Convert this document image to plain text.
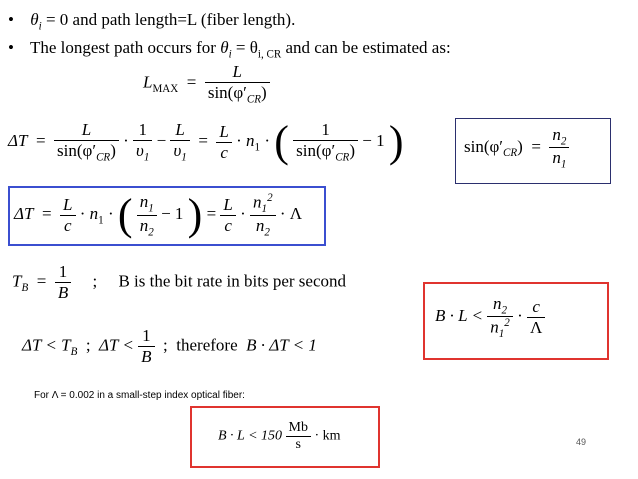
• $\theta_i = 0$ and path length=L (fiber length).
• The longest path occurs for $\theta_i = \theta_{i, CR}$ and can be estimated as:
$L_{MAX} = \frac{L}{\sin(\varphi'_{CR})}$
$\Delta T = \frac{L}{\sin(\varphi'_{CR})} \cdot \frac{1}{\upsilon_1} - \frac{L}{\upsilon_1} = \frac{L}{c} \cdot n_1$ · ( $\frac{1}{\sin(\varphi'_{CR})} - 1$ )	$\sin(\varphi'_{CR}) = \frac{n_2}{n_1}$
$\Delta T = \frac{L}{c} \cdot n_1$ · ( $\frac{n_1}{n_2} - 1$ ) = $\frac{L}{c} \cdot \frac{n_1^2}{n_2} \cdot \Lambda$
$T_B = \frac{1}{B}$ ; B is the bit rate in bits per second
$B \cdot L < \frac{n_2}{n_1^2} \cdot \frac{c}{\Lambda}$
$\Delta T < T_B$ ; $\Delta T < \frac{1}{B}$ ; therefore B · ΔT < 1
For Λ = 0.002 in a small-step index optical fiber:
$B \cdot L < 150 \frac{Mb}{s}$ · km	49
